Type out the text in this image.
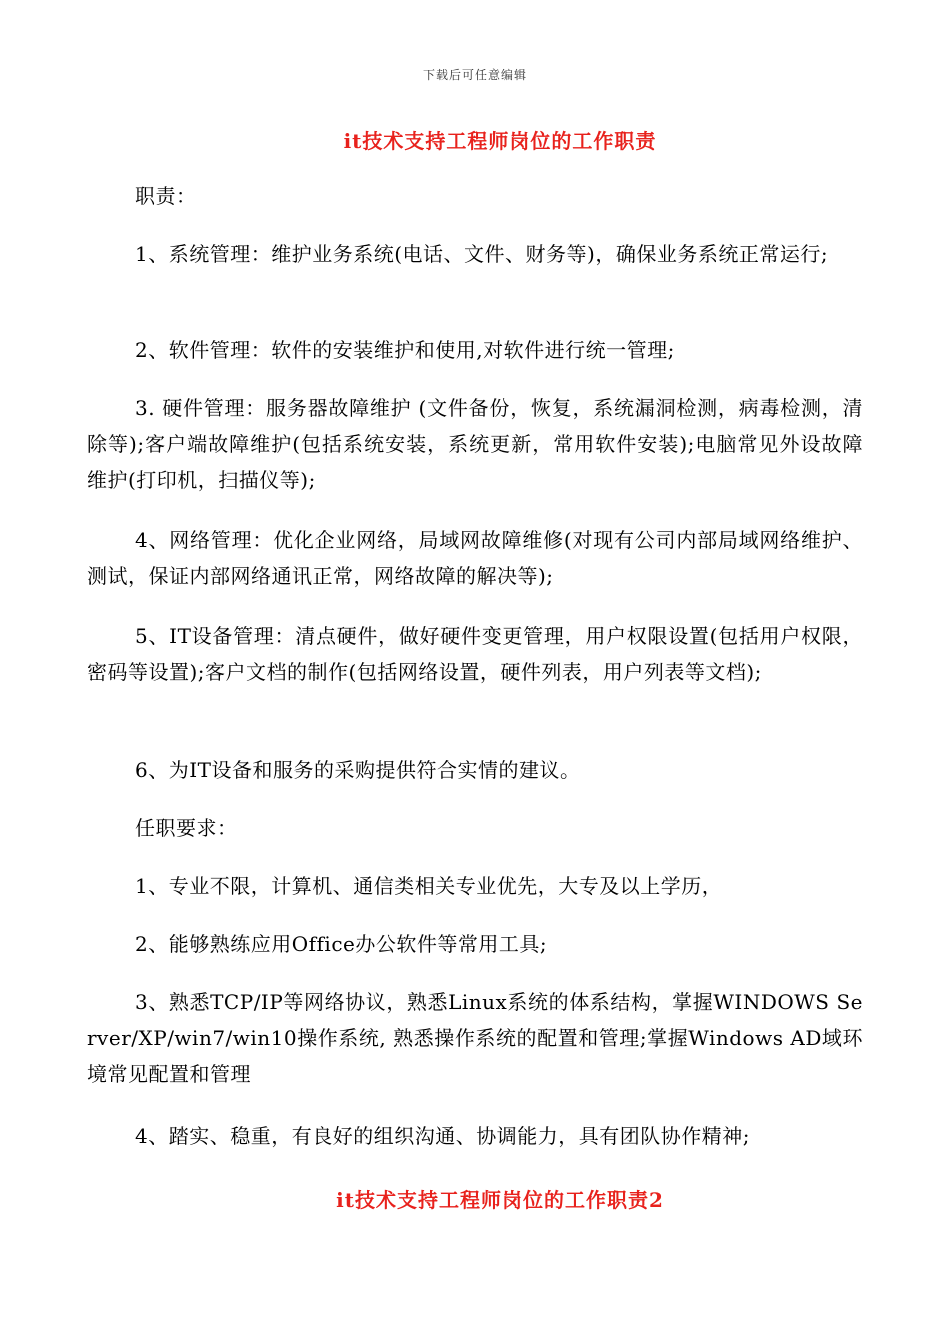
下载后可任意编辑
it技术支持工程师岗位的工作职责
职责：
1、系统管理：维护业务系统(电话、文件、财务等)，确保业务系统正常运行;
2、软件管理：软件的安装维护和使用,对软件进行统一管理;
3. 硬件管理：服务器故障维护 (文件备份，恢复，系统漏洞检测，病毒检测，清除等);客户端故障维护(包括系统安装，系统更新，常用软件安装);电脑常见外设故障维护(打印机，扫描仪等);
4、网络管理：优化企业网络，局域网故障维修(对现有公司内部局域网络维护、测试，保证内部网络通讯正常，网络故障的解决等);
5、IT设备管理：清点硬件，做好硬件变更管理，用户权限设置(包括用户权限，密码等设置);客户文档的制作(包括网络设置，硬件列表，用户列表等文档);
6、为IT设备和服务的采购提供符合实情的建议。
任职要求：
1、专业不限，计算机、通信类相关专业优先，大专及以上学历，
2、能够熟练应用Office办公软件等常用工具;
3、熟悉TCP/IP等网络协议，熟悉Linux系统的体系结构，掌握WINDOWS Server/XP/win7/win10操作系统, 熟悉操作系统的配置和管理;掌握Windows AD域环境常见配置和管理
4、踏实、稳重，有良好的组织沟通、协调能力，具有团队协作精神;
it技术支持工程师岗位的工作职责2
